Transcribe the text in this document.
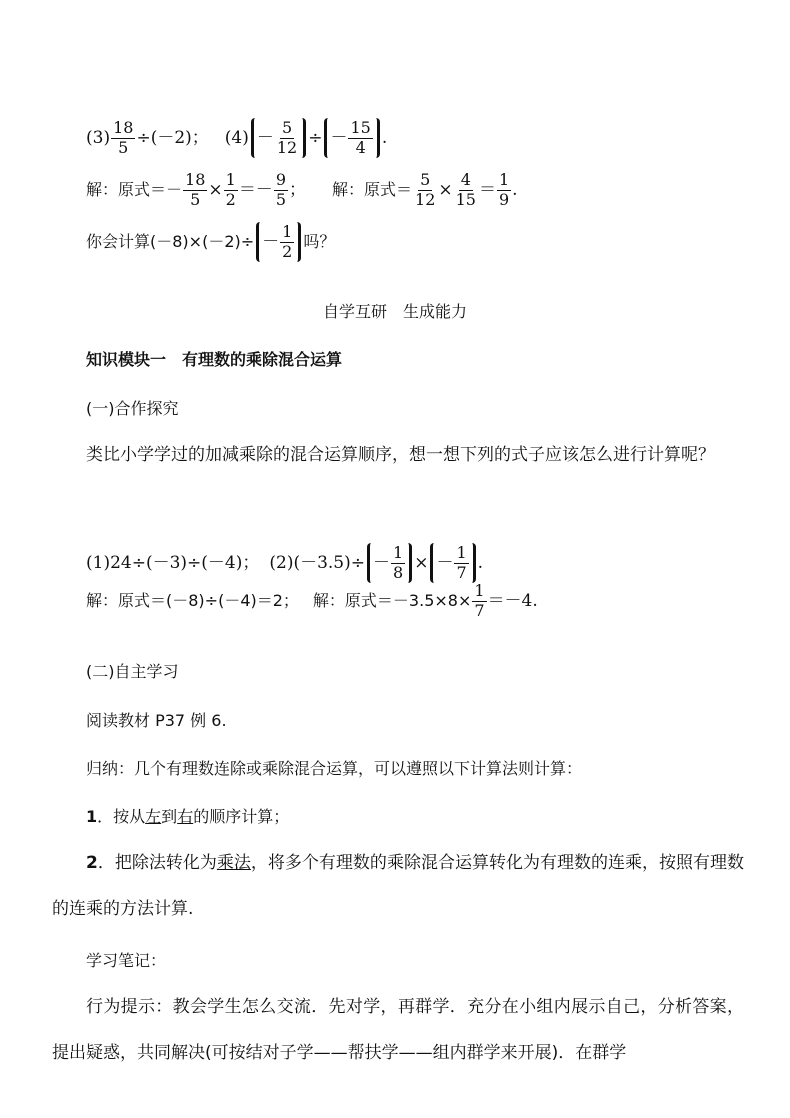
$(3) \frac{18}{5} \div(-2)$； $(4) - \frac{5}{12}$ ÷ － $\frac{15}{4}$ .
解：原式＝－ $\frac{18}{5} \times \frac{1}{2} =- \frac{9}{5}$ ； 解：原式＝ $\frac{5}{12} \times \frac{4}{15} = \frac{1}{9}$ .
你会计算$(-8)\times(-2)\div - \frac{1}{2}$ 吗？
自学互研　生成能力
知识模块一　有理数的乘除混合运算
(一)合作探究
类比小学学过的加减乘除的混合运算顺序，想一想下列的式子应该怎么进行计算呢？
(1)24÷(－3)÷(－4)； $(2)(-3.5)\div - \frac{1}{8}$ × － $\frac{1}{7}$ .
解：原式＝(－8)÷(－4)＝2； 解：原式$=-3.5\times 8\times \frac{1}{7} =-4$.
(二)自主学习
阅读教材 P37 例 6.
归纳：几个有理数连除或乘除混合运算，可以遵照以下计算法则计算：
1．按从左到右的顺序计算；
2．把除法转化为乘法，将多个有理数的乘除混合运算转化为有理数的连乘，按照有理数的连乘的方法计算.
学习笔记：
行为提示：教会学生怎么交流．先对学，再群学．充分在小组内展示自己，分析答案，提出疑惑，共同解决(可按结对子学——帮扶学——组内群学来开展)．在群学
